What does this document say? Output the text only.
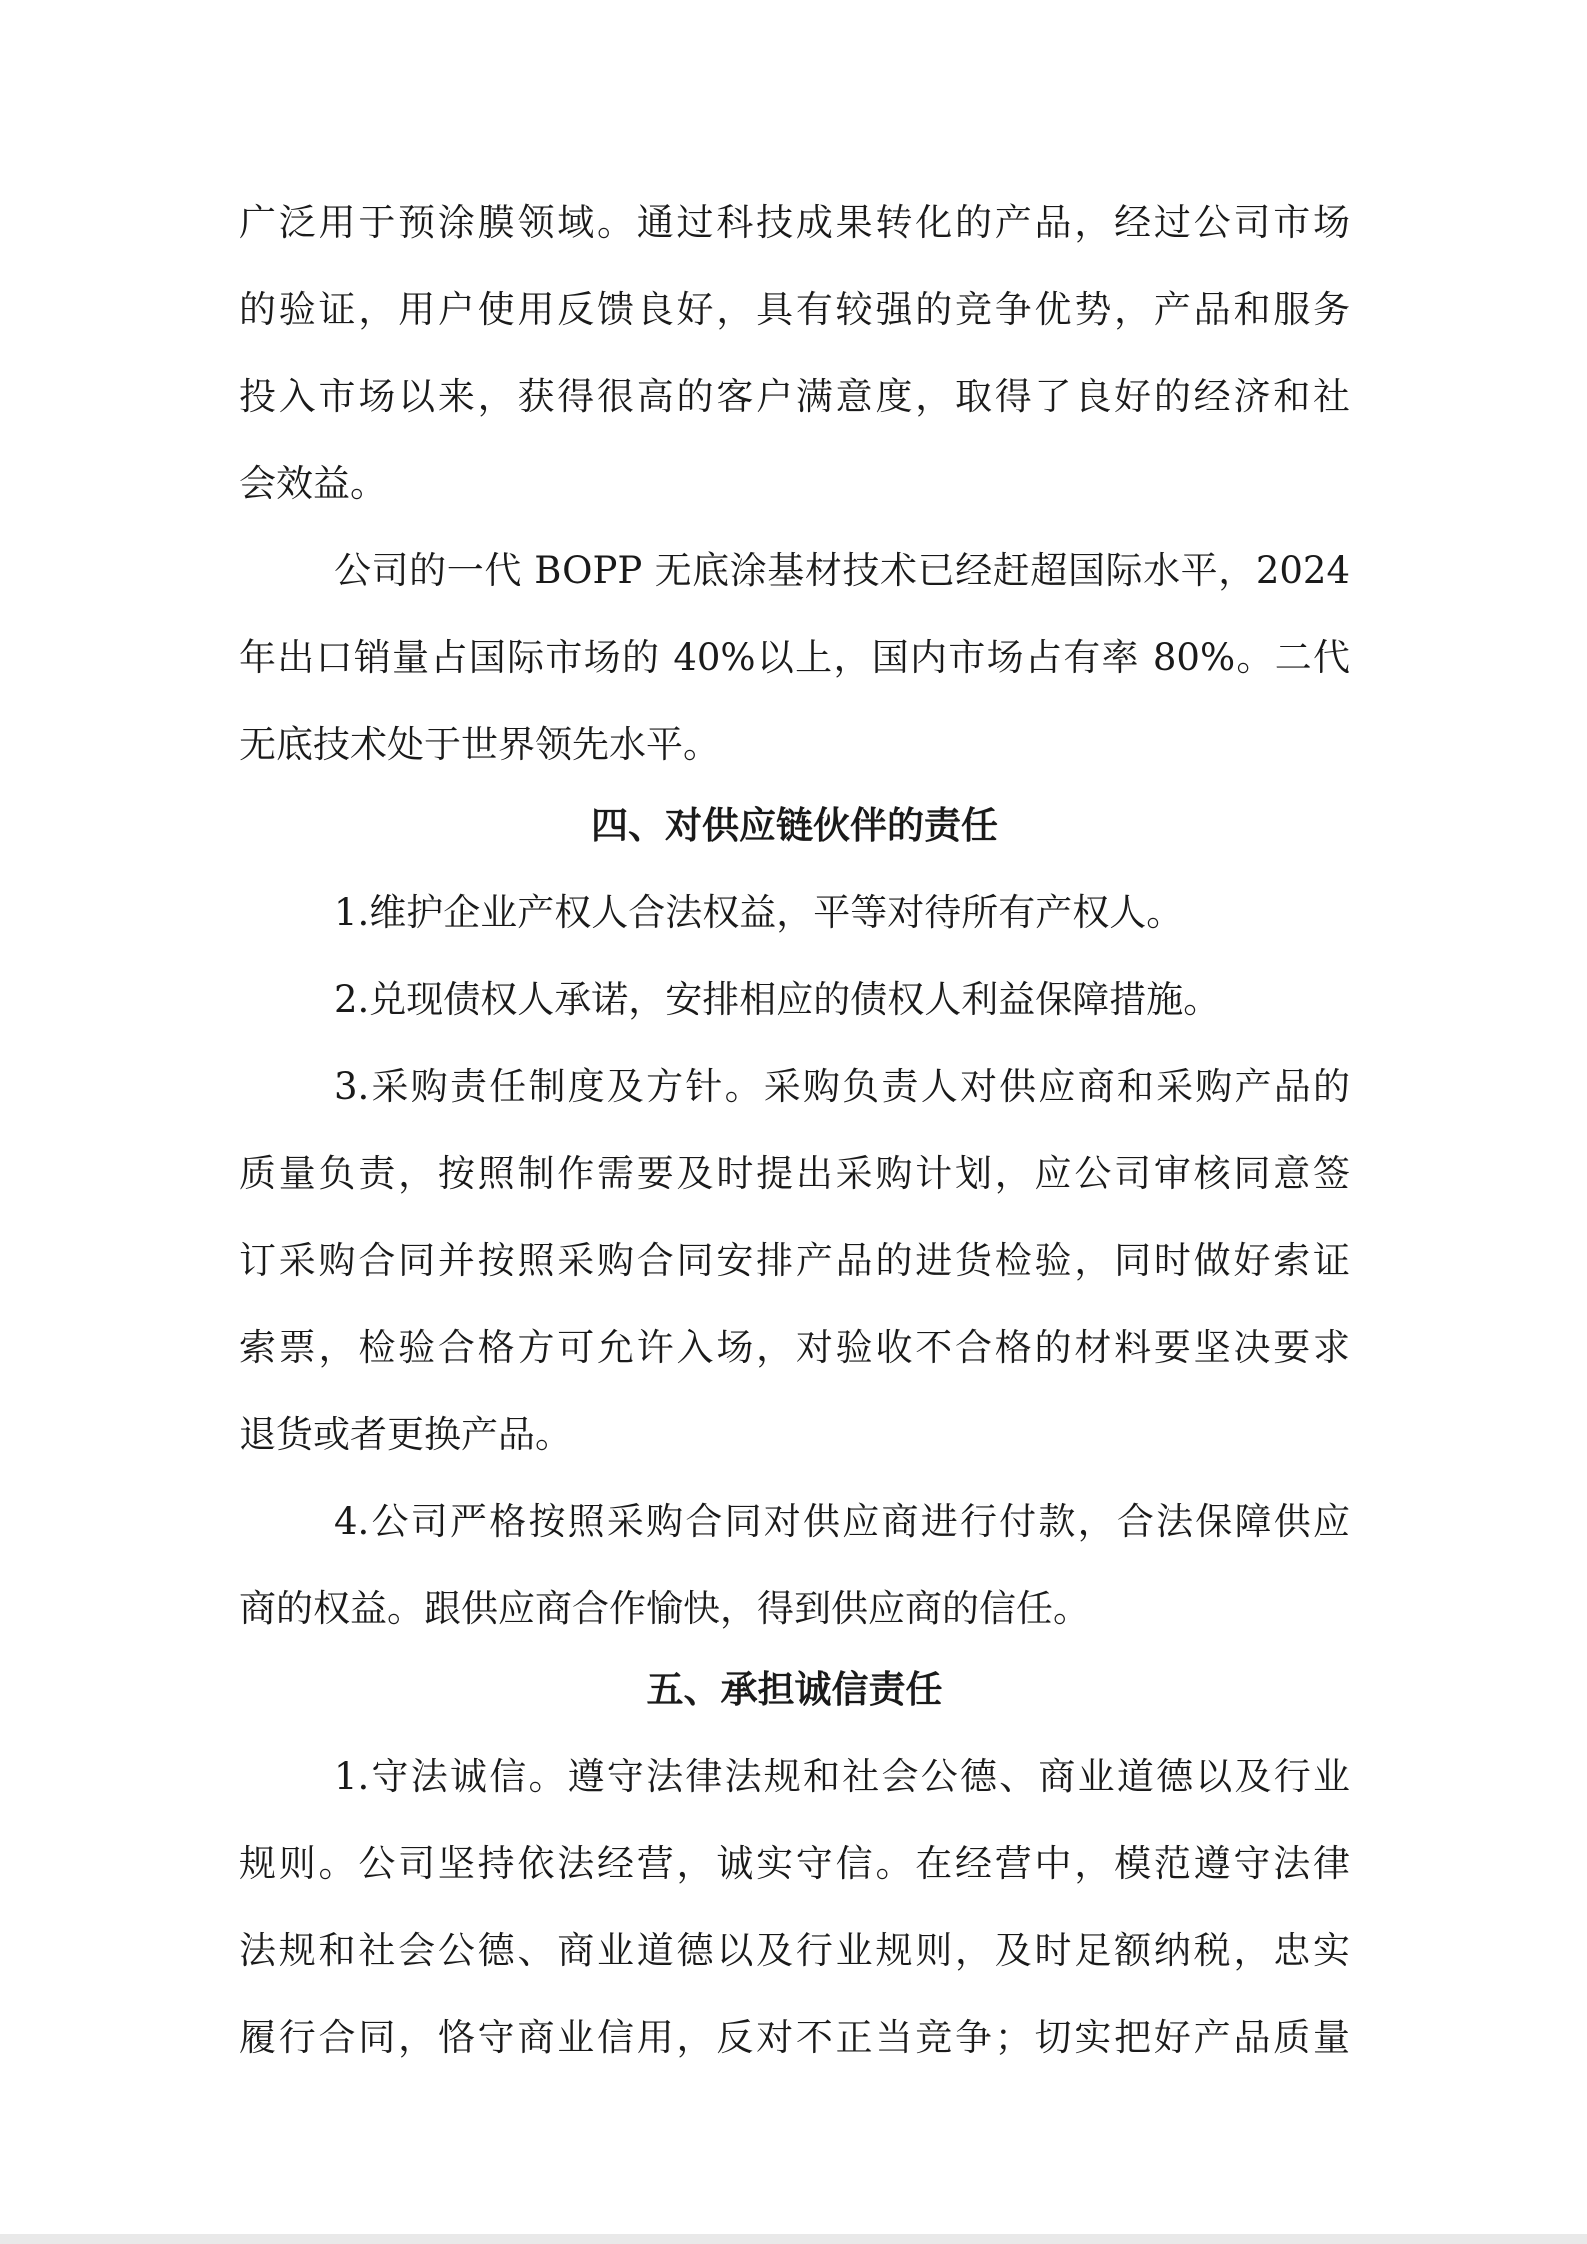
广泛用于预涂膜领域。通过科技成果转化的产品，经过公司市场
的验证，用户使用反馈良好，具有较强的竞争优势，产品和服务
投入市场以来，获得很高的客户满意度，取得了良好的经济和社
会效益。
公司的一代 BOPP 无底涂基材技术已经赶超国际水平，2024
年出口销量占国际市场的 40%以上，国内市场占有率 80%。二代
无底技术处于世界领先水平。
四、对供应链伙伴的责任
1.维护企业产权人合法权益，平等对待所有产权人。
2.兑现债权人承诺，安排相应的债权人利益保障措施。
3.采购责任制度及方针。采购负责人对供应商和采购产品的
质量负责，按照制作需要及时提出采购计划，应公司审核同意签
订采购合同并按照采购合同安排产品的进货检验，同时做好索证
索票，检验合格方可允许入场，对验收不合格的材料要坚决要求
退货或者更换产品。
4.公司严格按照采购合同对供应商进行付款，合法保障供应
商的权益。跟供应商合作愉快，得到供应商的信任。
五、承担诚信责任
1.守法诚信。遵守法律法规和社会公德、商业道德以及行业
规则。公司坚持依法经营，诚实守信。在经营中，模范遵守法律
法规和社会公德、商业道德以及行业规则，及时足额纳税，忠实
履行合同，恪守商业信用，反对不正当竞争；切实把好产品质量
